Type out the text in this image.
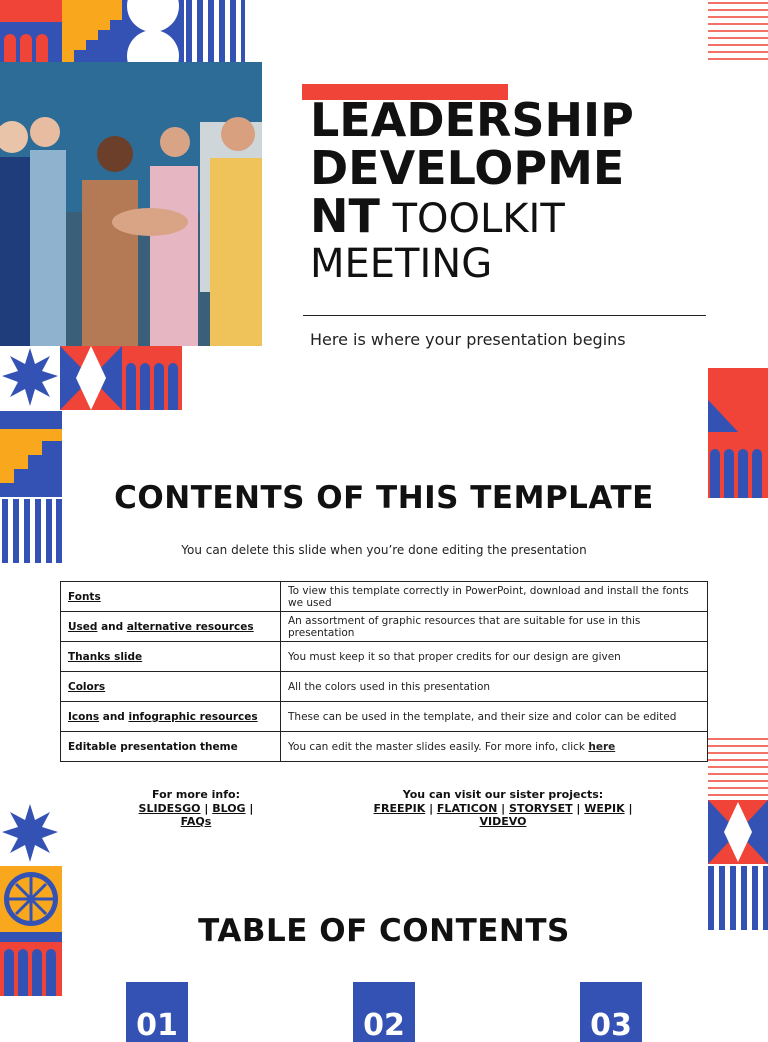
LEADERSHIP
DEVELOPME
NT TOOLKIT
MEETING
Here is where your presentation begins
CONTENTS OF THIS TEMPLATE
You can delete this slide when you’re done editing the presentation
Fonts	To view this template correctly in PowerPoint, download and install the fonts we used
Used and alternative resources	An assortment of graphic resources that are suitable for use in this presentation
Thanks slide	You must keep it so that proper credits for our design are given
Colors	All the colors used in this presentation
Icons and infographic resources	These can be used in the template, and their size and color can be edited
Editable presentation theme	You can edit the master slides easily. For more info, click here
For more info:
SLIDESGO | BLOG |
FAQs
You can visit our sister projects:
FREEPIK | FLATICON | STORYSET | WEPIK |
VIDEVO
TABLE OF CONTENTS
01	02	03
